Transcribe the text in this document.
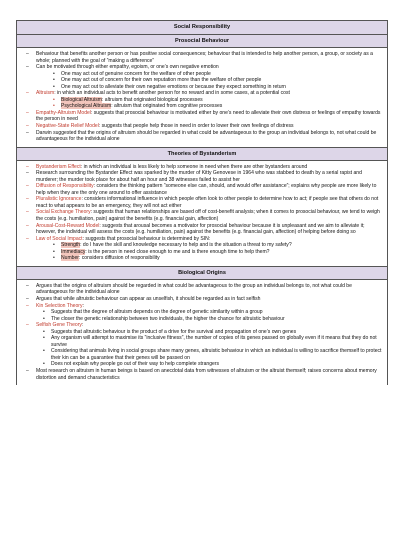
Social Responsibility
Prosocial Behaviour
– Behaviour that benefits another person or has positive social consequences; behaviour that is intended to help another person, a group, or society as a whole; planned with the goal of “making a difference”
– Can be motivated through either empathy, egoism, or one’s own negative emotion
• One may act out of genuine concern for the welfare of other people
• One may act out of concern for their own reputation more than the welfare of other people
• One may act out to alleviate their own negative emotions or because they expect something in return
– Altruism: in which an individual acts to benefit another person for no reward and in some cases, at a potential cost
• Biological Altruism: altruism that originated biological processes
• Psychological Altruism: altruism that originated from cognitive processes
– Empathy-Altruism Model: suggests that prosocial behaviour is motivated either by one’s need to alleviate their own distress or feelings of empathy towards the person in need
– Negative-State Relief Model: suggests that people help those in need in order to lower their own feelings of distress
– Darwin suggested that the origins of altruism should be regarded in what could be advantageous to the group an individual belongs to, not what could be advantageous for the individual alone
Theories of Bystanderism
– Bystanderism Effect: in which an individual is less likely to help someone in need when there are other bystanders around
– Research surrounding the Bystander Effect was sparked by the murder of Kitty Genovese in 1964 who was stabbed to death by a serial rapist and murderer; the murder took place for about half an hour and 38 witnesses failed to assist her
– Diffusion of Responsibility: considers the thinking pattern “someone else can, should, and would offer assistance”; explains why people are more likely to help when they are the only one around to offer assistance
– Pluralistic Ignorance: considers informational influence in which people often look to other people to determine how to act; if people see that others do not react to what appears to be an emergency, they will not act either
– Social Exchange Theory: suggests that human relationships are based off of cost-benefit analysis; when it comes to prosocial behaviour, we tend to weigh the costs (e.g. humiliation, pain) against the benefits (e.g. financial gain, affection)
– Arousal-Cost-Reward Model: suggests that arousal becomes a motivator for prosocial behaviour because it is unpleasant and we aim to alleviate it; however, the individual will assess the costs (e.g. humiliation, pain) against the benefits (e.g. financial gain, affection) of helping before doing so
– Law of Social Impact: suggests that prosocial behaviour is determined by SIN:
• Strength: do I have the skill and knowledge necessary to help and is the situation a threat to my safety?
• Immediacy: is the person in need close enough to me and is there enough time to help them?
• Number: considers diffusion of responsibility
Biological Origins
– Argues that the origins of altruism should be regarded in what could be advantageous to the group an individual belongs to, not what could be advantageous for the individual alone
– Argues that while altruistic behaviour can appear as unselfish, it should be regarded as in fact selfish
– Kin Selection Theory:
• Suggests that the degree of altruism depends on the degree of genetic similarity within a group
• The closer the genetic relationship between two individuals, the higher the chance for altruistic behaviour
– Selfish Gene Theory:
• Suggests that altruistic behaviour is the product of a drive for the survival and propagation of one’s own genes
• Any organism will attempt to maximise its “inclusive fitness”, the number of copies of its genes passed on globally even if it means that they do not survive
• Considering that animals living in social groups share many genes, altruistic behaviour in which an individual is willing to sacrifice themself to protect their kin can be a guarantee that their genes will be passed on
• Does not explain why people go out of their way to help complete strangers
– Most research on altruism in human beings is based on anecdotal data from witnesses of altruism or the altruist themself; raises concerns about memory distortion and demand characteristics
